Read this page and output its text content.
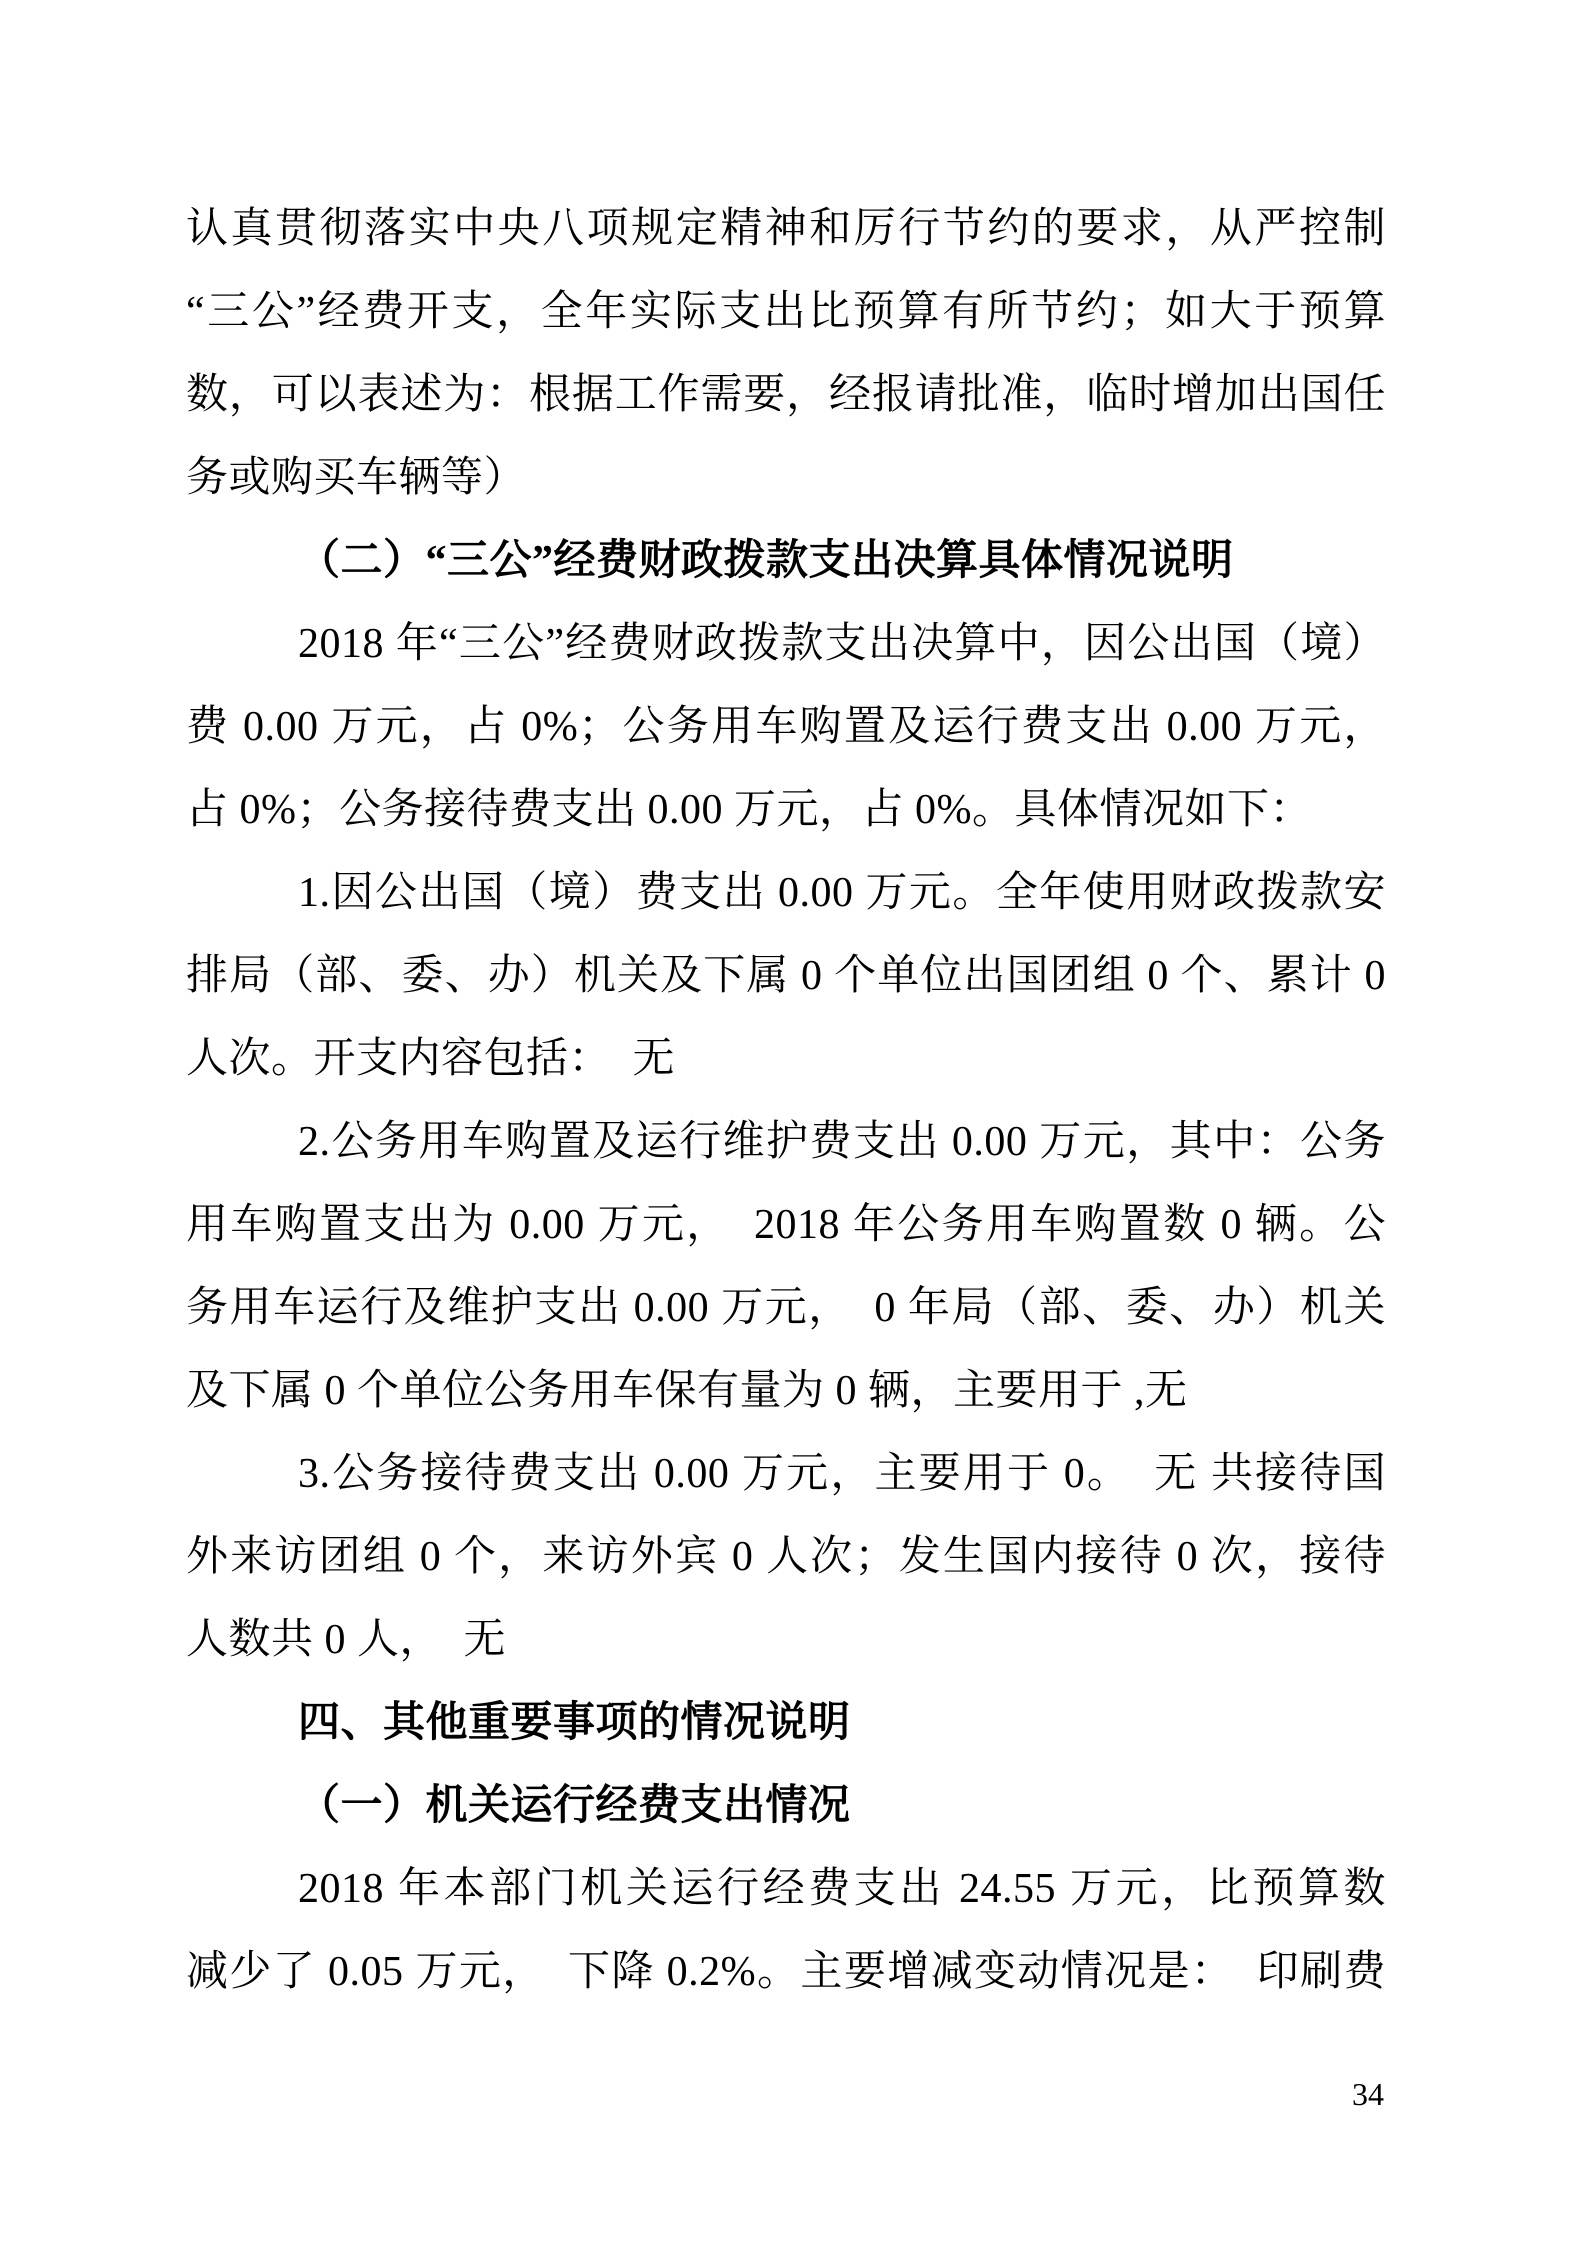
认真贯彻落实中央八项规定精神和厉行节约的要求，从严控制
“三公”经费开支，全年实际支出比预算有所节约；如大于预算
数，可以表述为：根据工作需要，经报请批准，临时增加出国任
务或购买车辆等）
（二）“三公”经费财政拨款支出决算具体情况说明
2018 年“三公”经费财政拨款支出决算中，因公出国（境）
费 0.00 万元，占 0%；公务用车购置及运行费支出 0.00 万元，
占 0%；公务接待费支出 0.00 万元，占 0%。具体情况如下：
1.因公出国（境）费支出 0.00 万元。全年使用财政拨款安
排局（部、委、办）机关及下属 0 个单位出国团组 0 个、累计 0
人次。开支内容包括：　无
2.公务用车购置及运行维护费支出 0.00 万元，其中：公务
用车购置支出为 0.00 万元，　2018 年公务用车购置数 0 辆。公
务用车运行及维护支出 0.00 万元，　0 年局（部、委、办）机关
及下属 0 个单位公务用车保有量为 0 辆，主要用于 ,无
3.公务接待费支出 0.00 万元，主要用于 0。　无 共接待国
外来访团组 0 个，来访外宾 0 人次；发生国内接待 0 次，接待
人数共 0 人，　无
四、其他重要事项的情况说明
（一）机关运行经费支出情况
2018 年本部门机关运行经费支出 24.55 万元，比预算数
减少了 0.05 万元，　下降 0.2%。主要增减变动情况是：　印刷费
34
